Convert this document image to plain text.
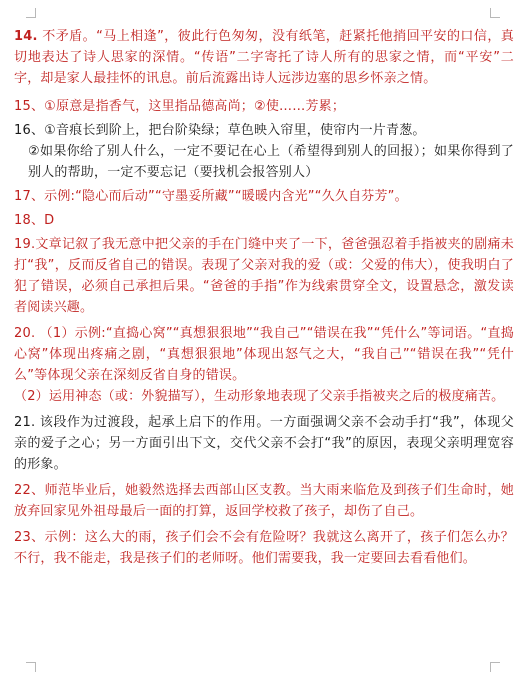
14. 不矛盾。“马上相逢”，彼此行色匆匆，没有纸笔，赶紧托他捎回平安的口信，真切地表达了诗人思家的深情。“传语”二字寄托了诗人所有的思家之情，而“平安”二字，却是家人最挂怀的讯息。前后流露出诗人远涉边塞的思乡怀亲之情。

15、①原意是指香气，这里指品德高尚；②使……芳累；

16、①音痕长到阶上，把台阶染绿；草色映入帘里，使帘内一片青葱。

②如果你给了别人什么，一定不要记在心上（希望得到别人的回报）；如果你得到了别人的帮助，一定不要忘记（要找机会报答别人）

17、示例:“隐心而后动”“守墨妥所藏”“暖暖内含光”“久久自芬芳”。

18、D

19.文章记叙了我无意中把父亲的手在门缝中夹了一下，爸爸强忍着手指被夹的剧痛未打“我”，反而反省自己的错误。表现了父亲对我的爱（或：父爱的伟大），使我明白了犯了错误，必须自己承担后果。“爸爸的手指”作为线索贯穿全文，设置悬念，激发读者阅读兴趣。

20. （1）示例:“直捣心窝”“真想狠狠地”“我自己”“错误在我”“凭什么”等词语。“直捣心窝”体现出疼痛之剧，“真想狠狠地”体现出怒气之大，“我自己”“错误在我”“凭什么”等体现父亲在深刻反省自身的错误。

（2）运用神态（或：外貌描写），生动形象地表现了父亲手指被夹之后的极度痛苦。

21. 该段作为过渡段，起承上启下的作用。一方面强调父亲不会动手打“我”，体现父亲的爱子之心；另一方面引出下文，交代父亲不会打“我”的原因，表现父亲明理宽容的形象。

22、师范毕业后，她毅然选择去西部山区支教。当大雨来临危及到孩子们生命时，她放弃回家见外祖母最后一面的打算，返回学校救了孩子，却伤了自己。

23、示例：这么大的雨，孩子们会不会有危险呀？我就这么离开了，孩子们怎么办？不行，我不能走，我是孩子们的老师呀。他们需要我，我一定要回去看看他们。
